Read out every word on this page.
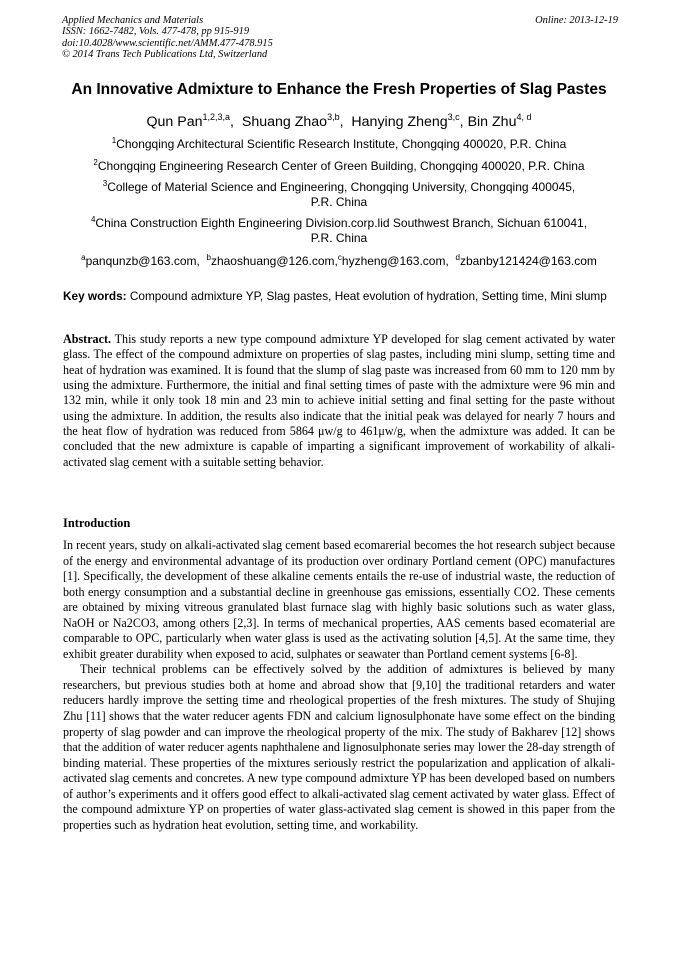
Applied Mechanics and Materials
ISSN: 1662-7482, Vols. 477-478, pp 915-919
doi:10.4028/www.scientific.net/AMM.477-478.915
© 2014 Trans Tech Publications Ltd, Switzerland
Online: 2013-12-19
An Innovative Admixture to Enhance the Fresh Properties of Slag Pastes
Qun Pan$^{1,2,3,a}$,  Shuang Zhao$^{3,b}$,  Hanying Zheng$^{3,c}$, Bin Zhu$^{4, d}$
$^1$Chongqing Architectural Scientific Research Institute, Chongqing 400020, P.R. China
$^2$Chongqing Engineering Research Center of Green Building, Chongqing 400020, P.R. China
$^3$College of Material Science and Engineering, Chongqing University, Chongqing 400045,
P.R. China
$^4$China Construction Eighth Engineering Division.corp.lid Southwest Branch, Sichuan 610041,
P.R. China
$^a$panqunzb@163.com,  $^b$zhaoshuang@126.com,$^c$hyzheng@163.com,  $^d$zbanby121424@163.com
Key words: Compound admixture YP, Slag pastes, Heat evolution of hydration, Setting time, Mini slump
Abstract. This study reports a new type compound admixture YP developed for slag cement activated by water glass. The effect of the compound admixture on properties of slag pastes, including mini slump, setting time and heat of hydration was examined. It is found that the slump of slag paste was increased from 60 mm to 120 mm by using the admixture. Furthermore, the initial and final setting times of paste with the admixture were 96 min and 132 min, while it only took 18 min and 23 min to achieve initial setting and final setting for the paste without using the admixture. In addition, the results also indicate that the initial peak was delayed for nearly 7 hours and the heat flow of hydration was reduced from 5864 μw/g to 461μw/g, when the admixture was added. It can be concluded that the new admixture is capable of imparting a significant improvement of workability of alkali-activated slag cement with a suitable setting behavior.
Introduction

In recent years, study on alkali-activated slag cement based ecomarerial becomes the hot research subject because of the energy and environmental advantage of its production over ordinary Portland cement (OPC) manufactures [1]. Specifically, the development of these alkaline cements entails the re-use of industrial waste, the reduction of both energy consumption and a substantial decline in greenhouse gas emissions, essentially CO2. These cements are obtained by mixing vitreous granulated blast furnace slag with highly basic solutions such as water glass, NaOH or Na2CO3, among others [2,3]. In terms of mechanical properties, AAS cements based ecomaterial are comparable to OPC, particularly when water glass is used as the activating solution [4,5]. At the same time, they exhibit greater durability when exposed to acid, sulphates or seawater than Portland cement systems [6-8].

Their technical problems can be effectively solved by the addition of admixtures is believed by many researchers, but previous studies both at home and abroad show that [9,10] the traditional retarders and water reducers hardly improve the setting time and rheological properties of the fresh mixtures. The study of Shujing Zhu [11] shows that the water reducer agents FDN and calcium lignosulphonate have some effect on the binding property of slag powder and can improve the rheological property of the mix. The study of Bakharev [12] shows that the addition of water reducer agents naphthalene and lignosulphonate series may lower the 28-day strength of binding material. These properties of the mixtures seriously restrict the popularization and application of alkali-activated slag cements and concretes. A new type compound admixture YP has been developed based on numbers of author’s experiments and it offers good effect to alkali-activated slag cement activated by water glass. Effect of the compound admixture YP on properties of water glass-activated slag cement is showed in this paper from the properties such as hydration heat evolution, setting time, and workability.
